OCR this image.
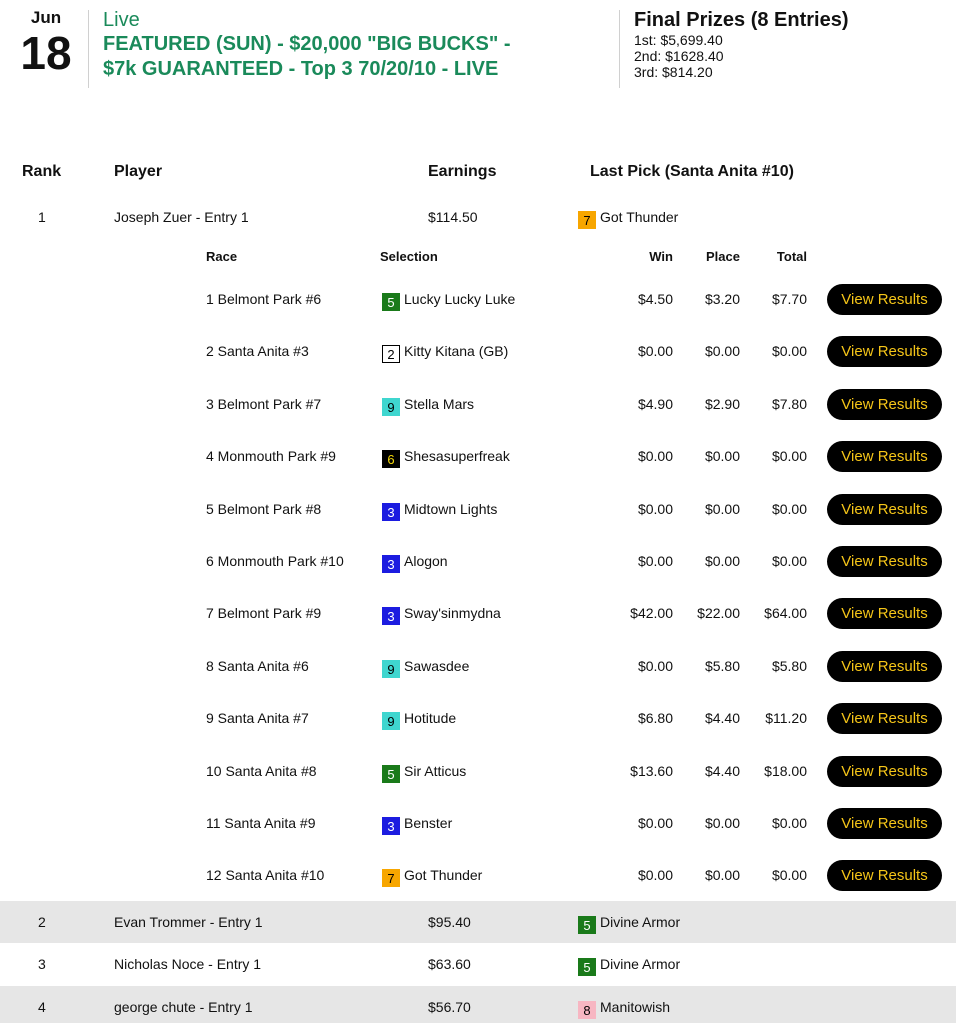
Jun
18
Live
FEATURED (SUN) - $20,000 "BIG BUCKS" -
$7k GUARANTEED - Top 3 70/20/10 - LIVE
Final Prizes (8 Entries)
1st: $5,699.40
2nd: $1628.40
3rd: $814.20
Rank	Player	Earnings	Last Pick (Santa Anita #10)
1	Joseph Zuer - Entry 1	$114.50	7 Got Thunder
Race	Selection	Win	Place	Total
1 Belmont Park #6	5 Lucky Lucky Luke	$4.50	$3.20	$7.70	View Results
2 Santa Anita #3	2 Kitty Kitana (GB)	$0.00	$0.00	$0.00	View Results
3 Belmont Park #7	9 Stella Mars	$4.90	$2.90	$7.80	View Results
4 Monmouth Park #9	6 Shesasuperfreak	$0.00	$0.00	$0.00	View Results
5 Belmont Park #8	3 Midtown Lights	$0.00	$0.00	$0.00	View Results
6 Monmouth Park #10	3 Alogon	$0.00	$0.00	$0.00	View Results
7 Belmont Park #9	3 Sway'sinmydna	$42.00	$22.00	$64.00	View Results
8 Santa Anita #6	9 Sawasdee	$0.00	$5.80	$5.80	View Results
9 Santa Anita #7	9 Hotitude	$6.80	$4.40	$11.20	View Results
10 Santa Anita #8	5 Sir Atticus	$13.60	$4.40	$18.00	View Results
11 Santa Anita #9	3 Benster	$0.00	$0.00	$0.00	View Results
12 Santa Anita #10	7 Got Thunder	$0.00	$0.00	$0.00	View Results
2	Evan Trommer - Entry 1	$95.40	5 Divine Armor
3	Nicholas Noce - Entry 1	$63.60	5 Divine Armor
4	george chute - Entry 1	$56.70	8 Manitowish
